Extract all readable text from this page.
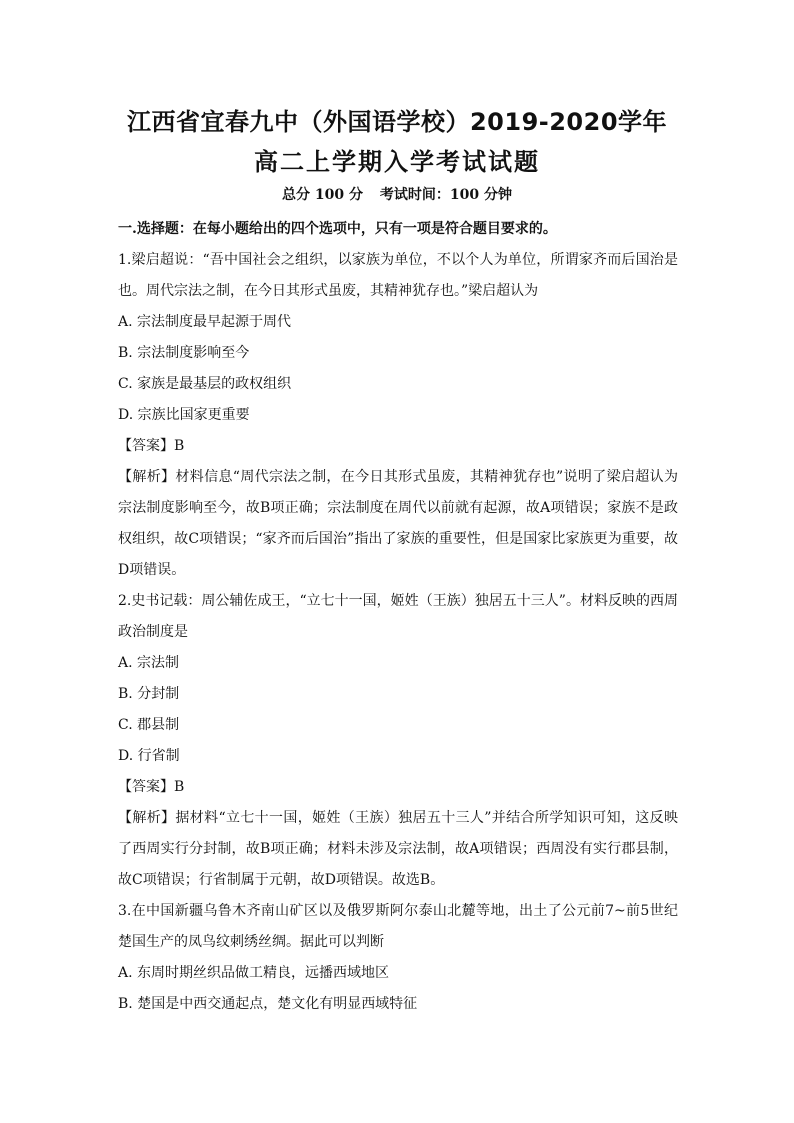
江西省宜春九中（外国语学校）2019-2020学年
高二上学期入学考试试题
总分 100 分 考试时间：100 分钟

一.选择题：在每小题给出的四个选项中，只有一项是符合题目要求的。

1.梁启超说：“吾中国社会之组织，以家族为单位，不以个人为单位，所谓家齐而后国治是也。周代宗法之制，在今日其形式虽废，其精神犹存也。”梁启超认为

A. 宗法制度最早起源于周代

B. 宗法制度影响至今

C. 家族是最基层的政权组织

D. 宗族比国家更重要

【答案】B

【解析】材料信息“周代宗法之制，在今日其形式虽废，其精神犹存也”说明了梁启超认为宗法制度影响至今，故B项正确；宗法制度在周代以前就有起源，故A项错误；家族不是政权组织，故C项错误；“家齐而后国治”指出了家族的重要性，但是国家比家族更为重要，故D项错误。

2.史书记载：周公辅佐成王，“立七十一国，姬姓（王族）独居五十三人”。材料反映的西周政治制度是

A. 宗法制

B. 分封制

C. 郡县制

D. 行省制

【答案】B

【解析】据材料“立七十一国，姬姓（王族）独居五十三人”并结合所学知识可知，这反映了西周实行分封制，故B项正确；材料未涉及宗法制，故A项错误；西周没有实行郡县制，故C项错误；行省制属于元朝，故D项错误。故选B。

3.在中国新疆乌鲁木齐南山矿区以及俄罗斯阿尔泰山北麓等地，出土了公元前7~前5世纪楚国生产的凤鸟纹刺绣丝绸。据此可以判断

A. 东周时期丝织品做工精良，远播西域地区

B. 楚国是中西交通起点，楚文化有明显西域特征
